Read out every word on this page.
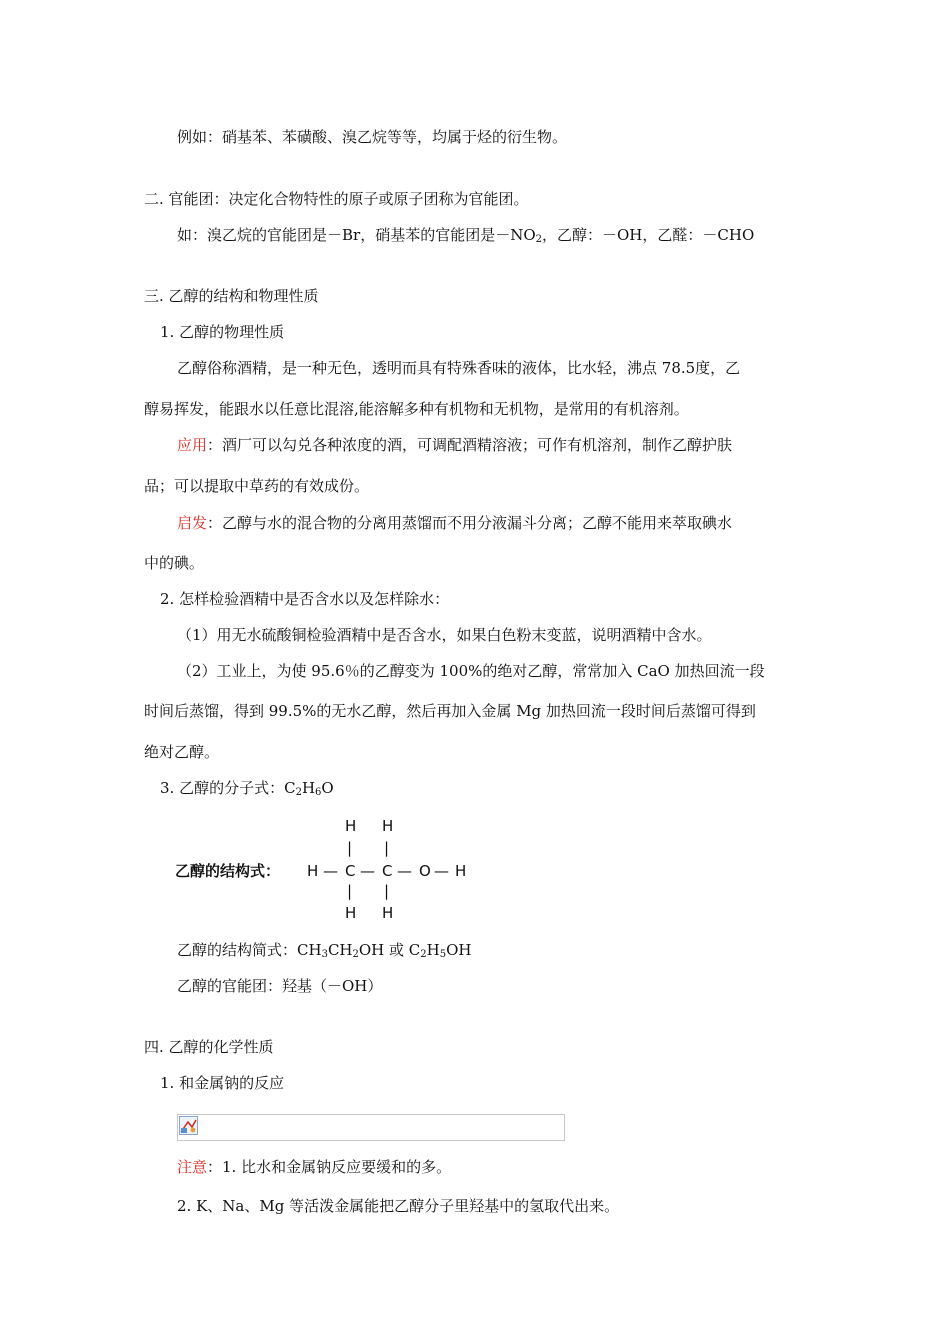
例如：硝基苯、苯磺酸、溴乙烷等等，均属于烃的衍生物。
二. 官能团：决定化合物特性的原子或原子团称为官能团。
如：溴乙烷的官能团是－Br，硝基苯的官能团是$-NO_2$，乙醇：－OH，乙醛：－CHO
三. 乙醇的结构和物理性质
1. 乙醇的物理性质
乙醇俗称酒精，是一种无色，透明而具有特殊香味的液体，比水轻，沸点 78.5度，乙
醇易挥发，能跟水以任意比混溶,能溶解多种有机物和无机物，是常用的有机溶剂。
应用：酒厂可以勾兑各种浓度的酒，可调配酒精溶液；可作有机溶剂，制作乙醇护肤
品；可以提取中草药的有效成份。
启发：乙醇与水的混合物的分离用蒸馏而不用分液漏斗分离；乙醇不能用来萃取碘水
中的碘。
2. 怎样检验酒精中是否含水以及怎样除水：
（1）用无水硫酸铜检验酒精中是否含水，如果白色粉末变蓝，说明酒精中含水。
（2）工业上，为使 95.6％的乙醇变为 100%的绝对乙醇，常常加入 CaO 加热回流一段
时间后蒸馏，得到 99.5%的无水乙醇，然后再加入金属 Mg 加热回流一段时间后蒸馏可得到
绝对乙醇。
3. 乙醇的分子式：$C_2H_6O$
H H
| |
乙醇的结构式： H — C — C — O — H
| |
H H
乙醇的结构简式：$CH_3CH_2OH$ 或 $C_2H_5OH$
乙醇的官能团：羟基（－OH）
四. 乙醇的化学性质
1. 和金属钠的反应
注意：1. 比水和金属钠反应要缓和的多。
2. K、Na、Mg 等活泼金属能把乙醇分子里羟基中的氢取代出来。
